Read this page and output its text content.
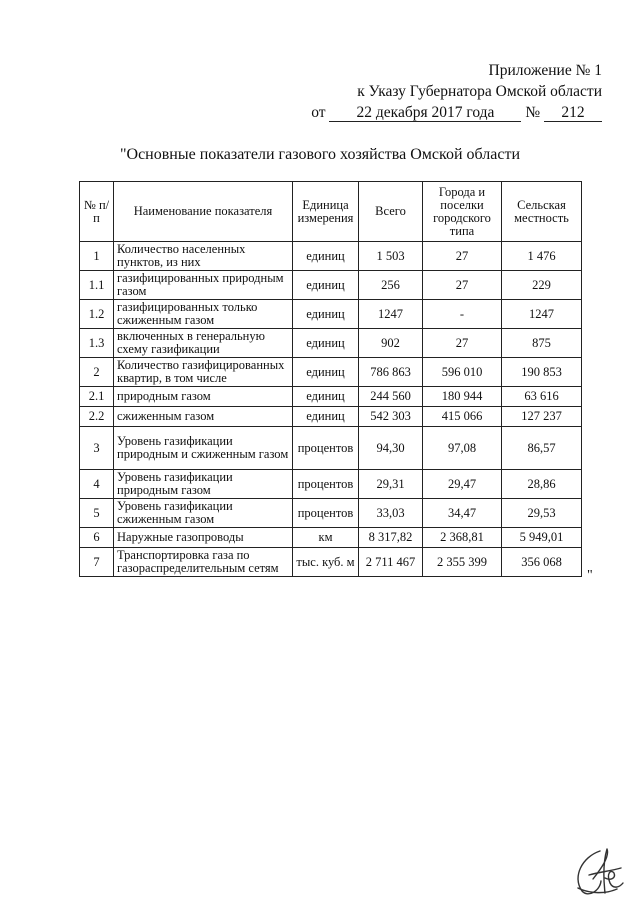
Приложение № 1
к Указу Губернатора Омской области
от 22 декабря 2017 года № 212
"Основные показатели газового хозяйства Омской области
№ п/п	Наименование показателя	Единица измерения	Всего	Города и поселки городского типа	Сельская местность
1	Количество населенных пунктов, из них	единиц	1 503	27	1 476
1.1	газифицированных природным газом	единиц	256	27	229
1.2	газифицированных только сжиженным газом	единиц	1247	-	1247
1.3	включенных в генеральную схему газификации	единиц	902	27	875
2	Количество газифицированных квартир, в том числе	единиц	786 863	596 010	190 853
2.1	природным газом	единиц	244 560	180 944	63 616
2.2	сжиженным газом	единиц	542 303	415 066	127 237
3	Уровень газификации природным и сжиженным газом	процентов	94,30	97,08	86,57
4	Уровень газификации природным газом	процентов	29,31	29,47	28,86
5	Уровень газификации сжиженным газом	процентов	33,03	34,47	29,53
6	Наружные газопроводы	км	8 317,82	2 368,81	5 949,01
7	Транспортировка газа по газораспределительным сетям	тыс. куб. м	2 711 467	2 355 399	356 068
"
